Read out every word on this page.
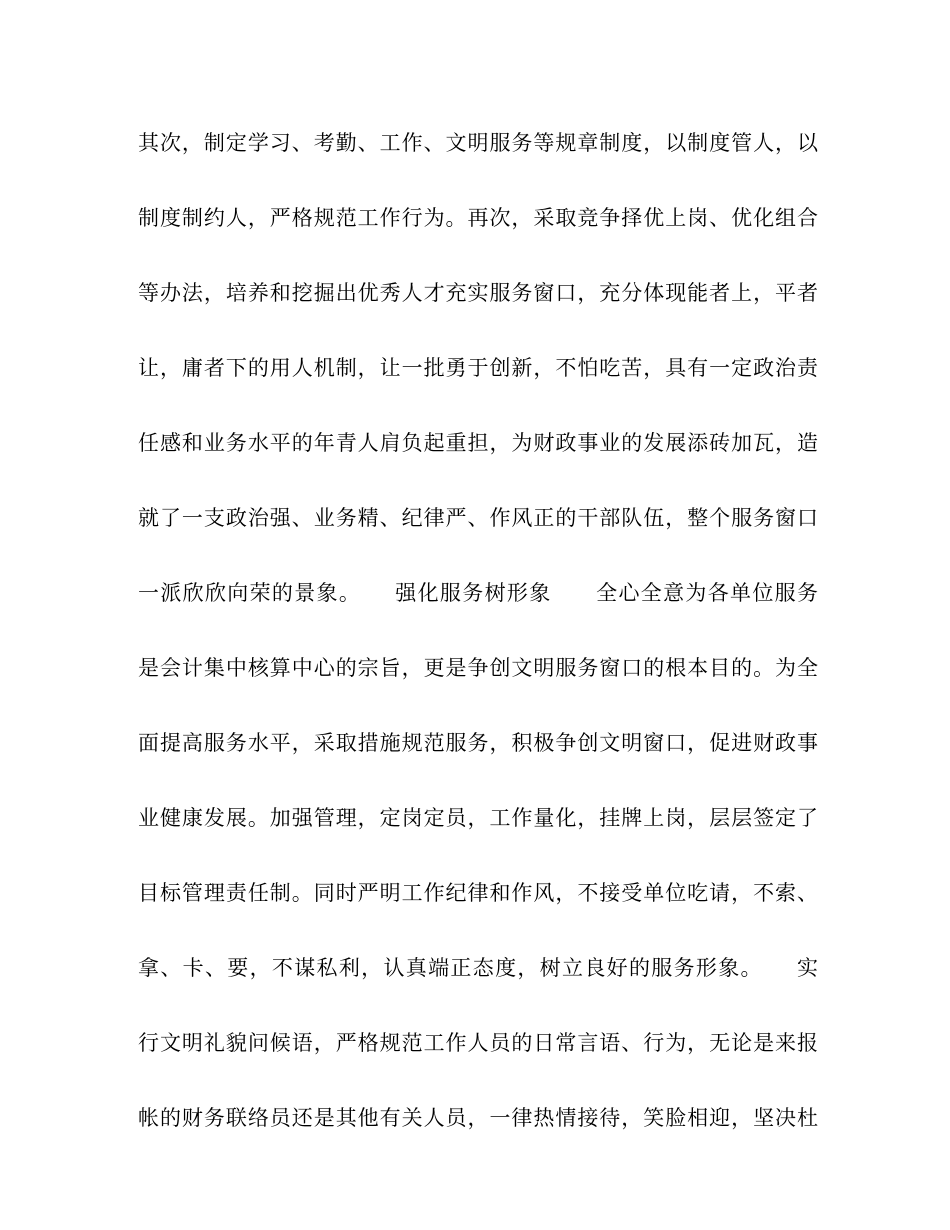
其次，制定学习、考勤、工作、文明服务等规章制度，以制度管人，以
制度制约人，严格规范工作行为。再次，采取竞争择优上岗、优化组合
等办法，培养和挖掘出优秀人才充实服务窗口，充分体现能者上，平者
让，庸者下的用人机制，让一批勇于创新，不怕吃苦，具有一定政治责
任感和业务水平的年青人肩负起重担，为财政事业的发展添砖加瓦，造
就了一支政治强、业务精、纪律严、作风正的干部队伍，整个服务窗口
一派欣欣向荣的景象。　　强化服务树形象　　全心全意为各单位服务
是会计集中核算中心的宗旨，更是争创文明服务窗口的根本目的。为全
面提高服务水平，采取措施规范服务，积极争创文明窗口，促进财政事
业健康发展。加强管理，定岗定员，工作量化，挂牌上岗，层层签定了
目标管理责任制。同时严明工作纪律和作风，不接受单位吃请，不索、
拿、卡、要，不谋私利，认真端正态度，树立良好的服务形象。　　实
行文明礼貌问候语，严格规范工作人员的日常言语、行为，无论是来报
帐的财务联络员还是其他有关人员，一律热情接待，笑脸相迎，坚决杜
